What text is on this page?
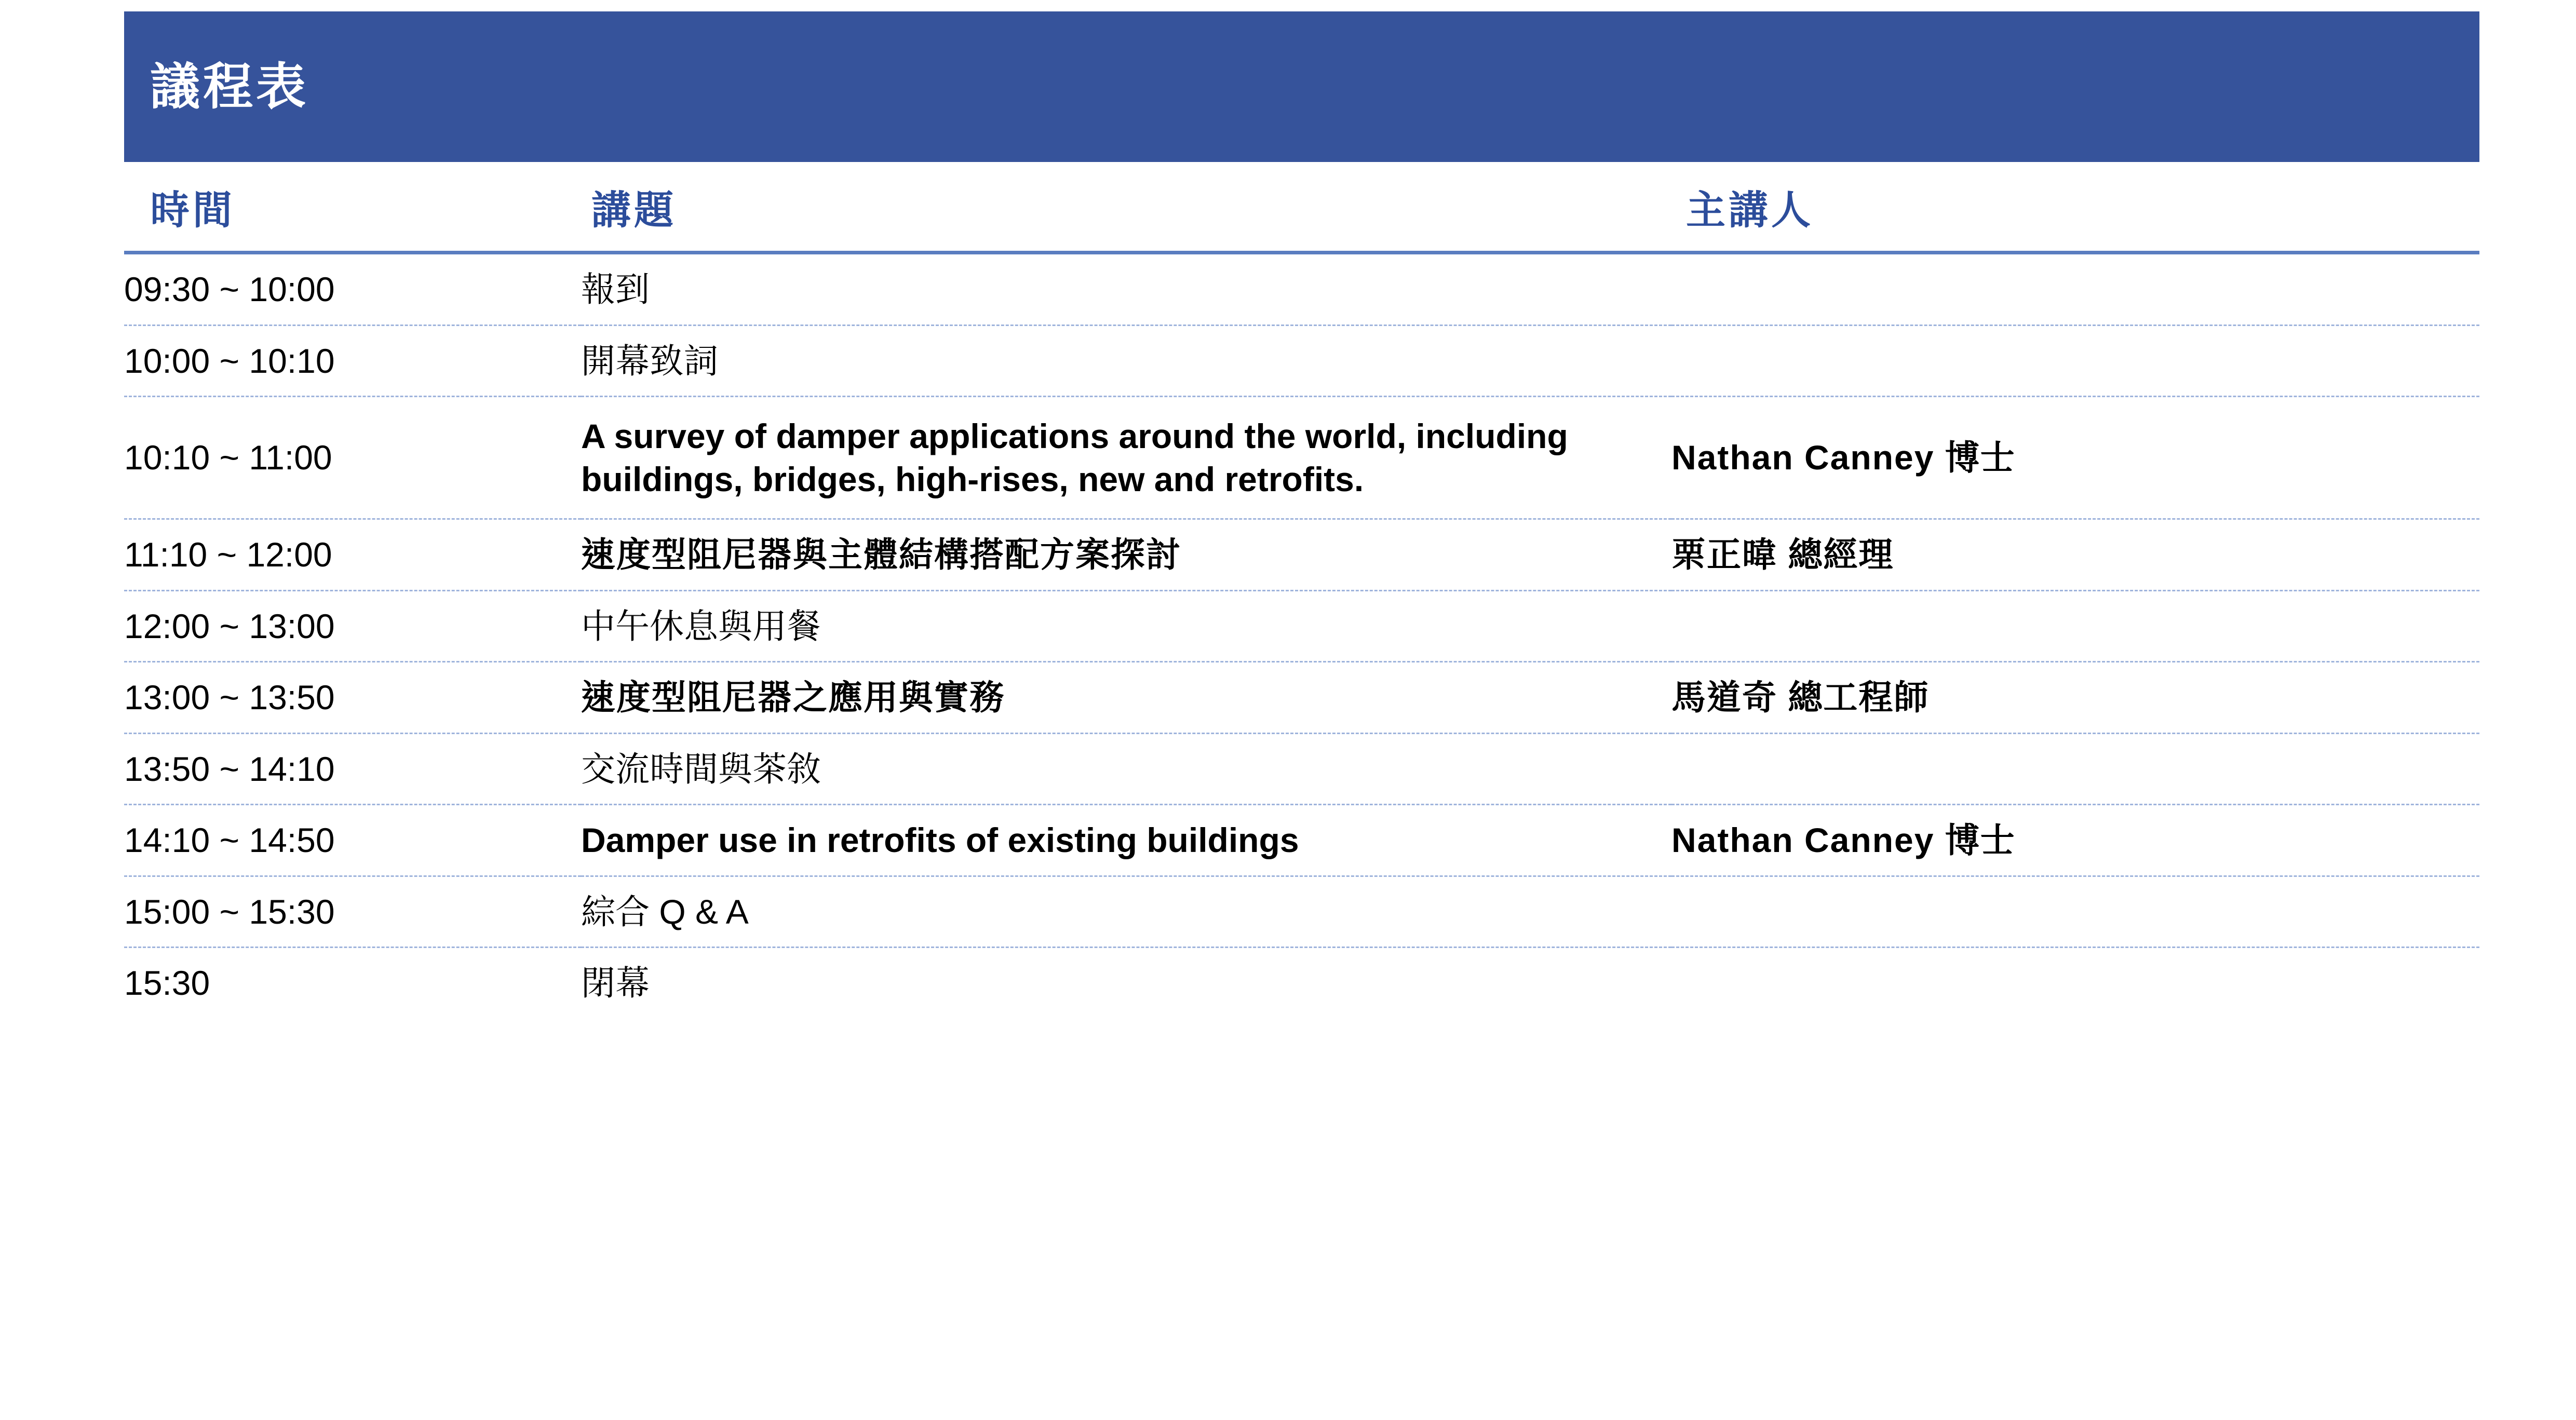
議程表
時間	講題	主講人
09:30 ~ 10:00	報到	
10:00 ~ 10:10	開幕致詞	
10:10 ~ 11:00	A survey of damper applications around the world, including buildings, bridges, high-rises, new and retrofits.	Nathan Canney 博士
11:10 ~ 12:00	速度型阻尼器與主體結構搭配方案探討	栗正暐 總經理
12:00 ~ 13:00	中午休息與用餐	
13:00 ~ 13:50	速度型阻尼器之應用與實務	馬道奇 總工程師
13:50 ~ 14:10	交流時間與茶敘	
14:10 ~ 14:50	Damper use in retrofits of existing buildings	Nathan Canney 博士
15:00 ~ 15:30	綜合 Q & A	
15:30	閉幕	
